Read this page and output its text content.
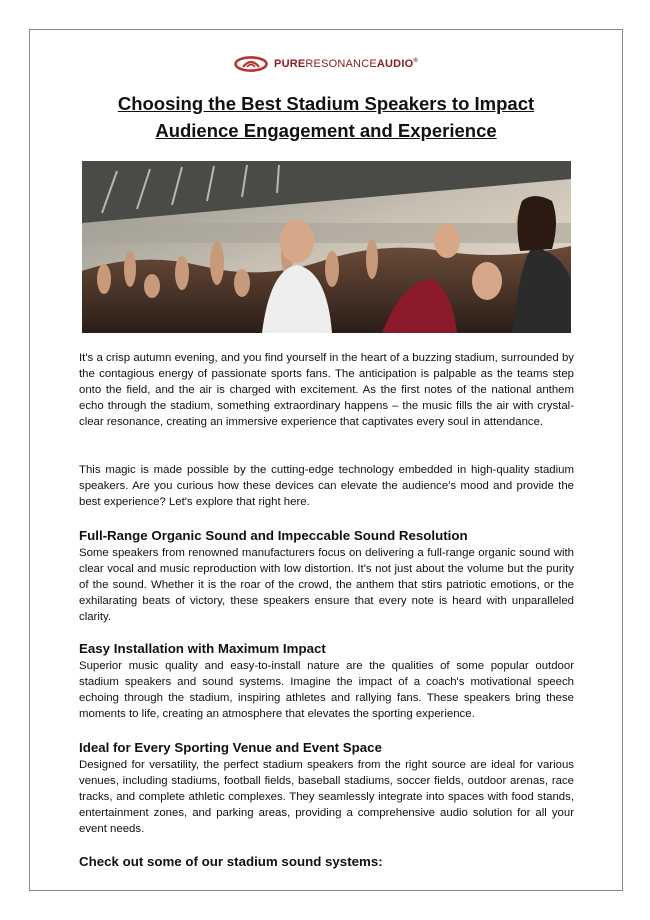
PURERESONANCEAUDIO®
Choosing the Best Stadium Speakers to Impact
Audience Engagement and Experience

It's a crisp autumn evening, and you find yourself in the heart of a buzzing stadium, surrounded by the contagious energy of passionate sports fans. The anticipation is palpable as the teams step onto the field, and the air is charged with excitement. As the first notes of the national anthem echo through the stadium, something extraordinary happens – the music fills the air with crystal-clear resonance, creating an immersive experience that captivates every soul in attendance.

This magic is made possible by the cutting-edge technology embedded in high-quality stadium speakers. Are you curious how these devices can elevate the audience's mood and provide the best experience? Let's explore that right here.

Full-Range Organic Sound and Impeccable Sound Resolution

Some speakers from renowned manufacturers focus on delivering a full-range organic sound with clear vocal and music reproduction with low distortion. It's not just about the volume but the purity of the sound. Whether it is the roar of the crowd, the anthem that stirs patriotic emotions, or the exhilarating beats of victory, these speakers ensure that every note is heard with unparalleled clarity.

Easy Installation with Maximum Impact

Superior music quality and easy-to-install nature are the qualities of some popular outdoor stadium speakers and sound systems. Imagine the impact of a coach's motivational speech echoing through the stadium, inspiring athletes and rallying fans. These speakers bring these moments to life, creating an atmosphere that elevates the sporting experience.

Ideal for Every Sporting Venue and Event Space

Designed for versatility, the perfect stadium speakers from the right source are ideal for various venues, including stadiums, football fields, baseball stadiums, soccer fields, outdoor arenas, race tracks, and complete athletic complexes. They seamlessly integrate into spaces with food stands, entertainment zones, and parking areas, providing a comprehensive audio solution for all your event needs.

Check out some of our stadium sound systems:
